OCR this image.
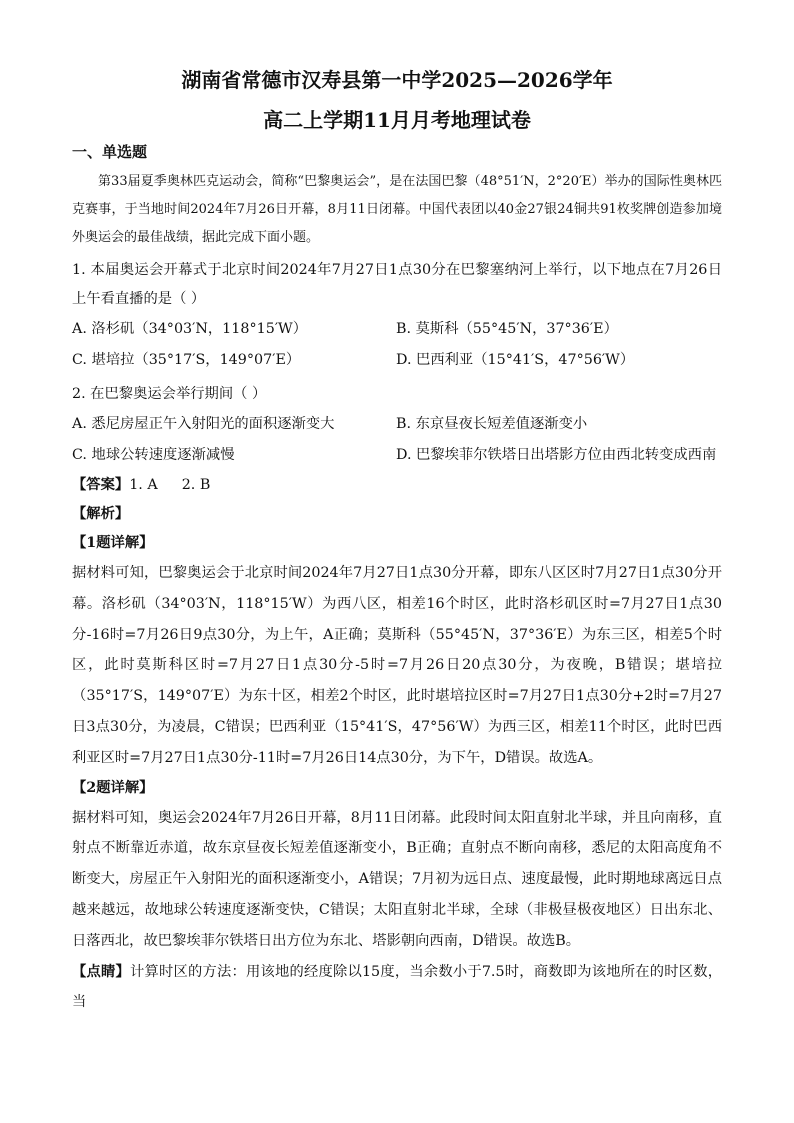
湖南省常德市汉寿县第一中学2025—2026学年
高二上学期11月月考地理试卷
一、单选题
第33届夏季奥林匹克运动会，简称“巴黎奥运会”，是在法国巴黎（48°51′N，2°20′E）举办的国际性奥林匹克赛事，于当地时间2024年7月26日开幕，8月11日闭幕。中国代表团以40金27银24铜共91枚奖牌创造参加境外奥运会的最佳战绩，据此完成下面小题。
1. 本届奥运会开幕式于北京时间2024年7月27日1点30分在巴黎塞纳河上举行，以下地点在7月26日上午看直播的是（ ）
A. 洛杉矶（34°03′N，118°15′W）	B. 莫斯科（55°45′N，37°36′E）
C. 堪培拉（35°17′S，149°07′E）	D. 巴西利亚（15°41′S，47°56′W）
2. 在巴黎奥运会举行期间（ ）
A. 悉尼房屋正午入射阳光的面积逐渐变大	B. 东京昼夜长短差值逐渐变小
C. 地球公转速度逐渐减慢	D. 巴黎埃菲尔铁塔日出塔影方位由西北转变成西南
【答案】1. A 2. B
【解析】
【1题详解】
据材料可知，巴黎奥运会于北京时间2024年7月27日1点30分开幕，即东八区区时7月27日1点30分开幕。洛杉矶（34°03′N，118°15′W）为西八区，相差16个时区，此时洛杉矶区时=7月27日1点30分-16时=7月26日9点30分，为上午，A正确；莫斯科（55°45′N，37°36′E）为东三区，相差5个时区，此时莫斯科区时=7月27日1点30分-5时=7月26日20点30分，为夜晚，B错误；堪培拉（35°17′S，149°07′E）为东十区，相差2个时区，此时堪培拉区时=7月27日1点30分+2时=7月27日3点30分，为凌晨，C错误；巴西利亚（15°41′S，47°56′W）为西三区，相差11个时区，此时巴西利亚区时=7月27日1点30分-11时=7月26日14点30分，为下午，D错误。故选A。
【2题详解】
据材料可知，奥运会2024年7月26日开幕，8月11日闭幕。此段时间太阳直射北半球，并且向南移，直射点不断靠近赤道，故东京昼夜长短差值逐渐变小，B正确；直射点不断向南移，悉尼的太阳高度角不断变大，房屋正午入射阳光的面积逐渐变小，A错误；7月初为远日点、速度最慢，此时期地球离远日点越来越远，故地球公转速度逐渐变快，C错误；太阳直射北半球，全球（非极昼极夜地区）日出东北、日落西北，故巴黎埃菲尔铁塔日出方位为东北、塔影朝向西南，D错误。故选B。
【点睛】计算时区的方法：用该地的经度除以15度，当余数小于7.5时，商数即为该地所在的时区数，当
